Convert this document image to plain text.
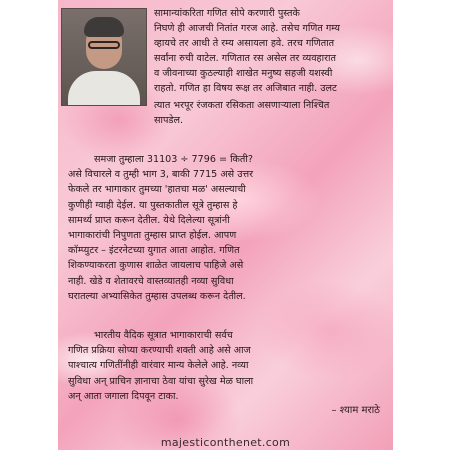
सामान्यांकरिता गणित सोपे करणारी पुस्तके
निघणे ही आजची नितांत गरज आहे. तसेच गणित गम्य
व्हायचे तर आधी ते रम्य असायला हवे. तरच गणितात
सर्वांना रुची वाटेल. गणितात रस असेल तर व्यवहारात
व जीवनाच्या कुठल्याही शाखेत मनुष्य सहजी यशस्वी
राहतो. गणित हा विषय रूक्ष तर अजिबात नाही. उलट
त्यात भरपूर रंजकता रसिकता असणाऱ्याला निश्चित
सापडेल.
समजा तुम्हाला 31103 ÷ 7796 = किती?
असे विचारले व तुम्ही भाग 3, बाकी 7715 असे उत्तर
फेकले तर भागाकार तुमच्या 'हातचा मळ' असल्याची
कुणीही ग्वाही देईल. या पुस्तकातील सूत्रे तुम्हास हे
सामर्थ्य प्राप्त करून देतील. येथे दिलेल्या सूत्रांनी
भागाकारांची निपुणता तुम्हास प्राप्त होईल. आपण
कॉम्प्युटर – इंटरनेटच्या युगात आता आहोत. गणित
शिकण्याकरता कुणास शाळेत जायलाच पाहिजे असे
नाही. खेडे व शेतावरचे वास्तव्यातही नव्या सुविधा
घरातल्या अभ्यासिकेत तुम्हास उपलब्ध करून देतील.
भारतीय वैदिक सूत्रात भागाकाराची सर्वच
गणित प्रक्रिया सोप्या करण्याची शक्ती आहे असे आज
पाश्चात्य गणितींनीही वारंवार मान्य केलेले आहे. नव्या
सुविधा अन् प्राचिन ज्ञानाचा ठेवा यांचा सुरेख मेळ घाला
अन् आता जगाला दिपवून टाका.
– श्याम मराठे
majesticonthenet.com
